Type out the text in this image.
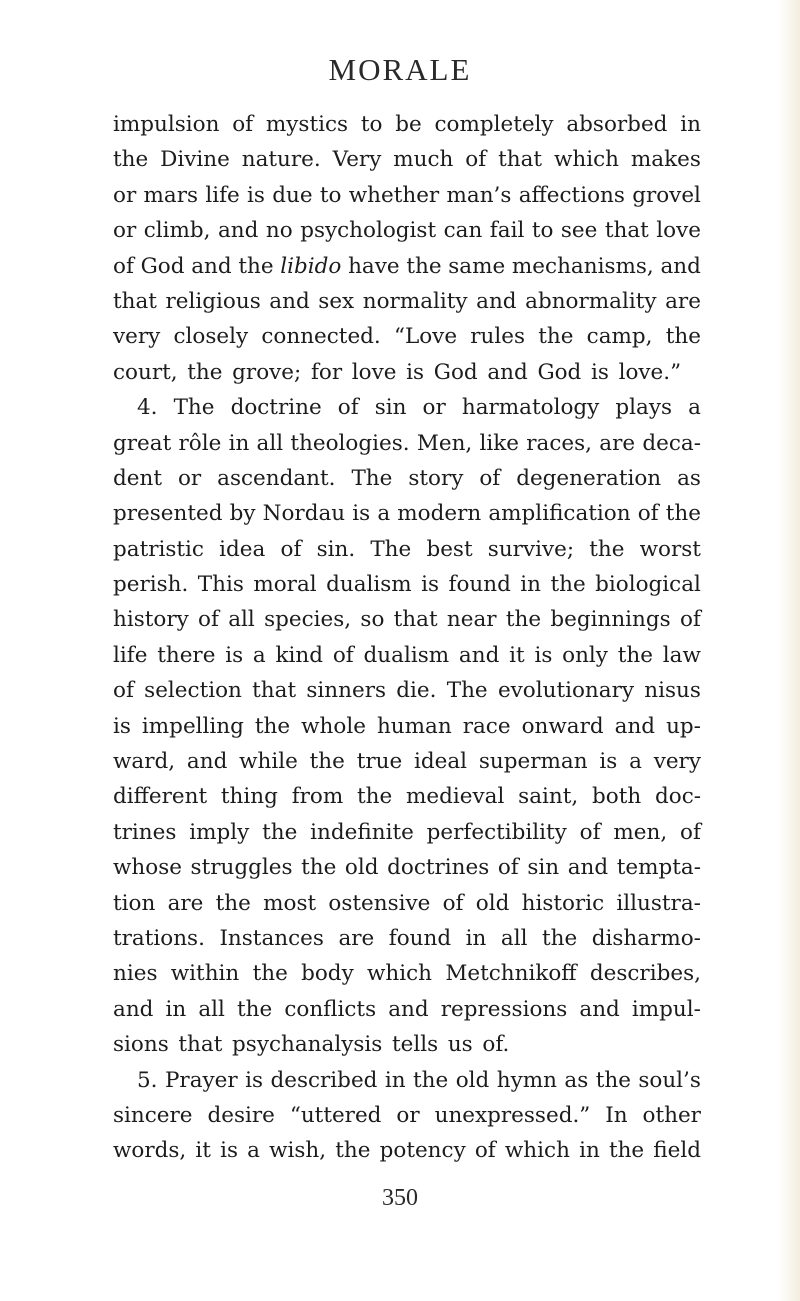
MORALE
impulsion of mystics to be completely absorbed in
the Divine nature. Very much of that which makes
or mars life is due to whether man’s affections grovel
or climb, and no psychologist can fail to see that love
of God and the libido have the same mechanisms, and
that religious and sex normality and abnormality are
very closely connected. “Love rules the camp, the
court, the grove; for love is God and God is love.”
4. The doctrine of sin or harmatology plays a
great rôle in all theologies. Men, like races, are deca-
dent or ascendant. The story of degeneration as
presented by Nordau is a modern amplification of the
patristic idea of sin. The best survive; the worst
perish. This moral dualism is found in the biological
history of all species, so that near the beginnings of
life there is a kind of dualism and it is only the law
of selection that sinners die. The evolutionary nisus
is impelling the whole human race onward and up-
ward, and while the true ideal superman is a very
different thing from the medieval saint, both doc-
trines imply the indefinite perfectibility of men, of
whose struggles the old doctrines of sin and tempta-
tion are the most ostensive of old historic illustra-
trations. Instances are found in all the disharmo-
nies within the body which Metchnikoff describes,
and in all the conflicts and repressions and impul-
sions that psychanalysis tells us of.
5. Prayer is described in the old hymn as the soul’s
sincere desire “uttered or unexpressed.” In other
words, it is a wish, the potency of which in the field
350
